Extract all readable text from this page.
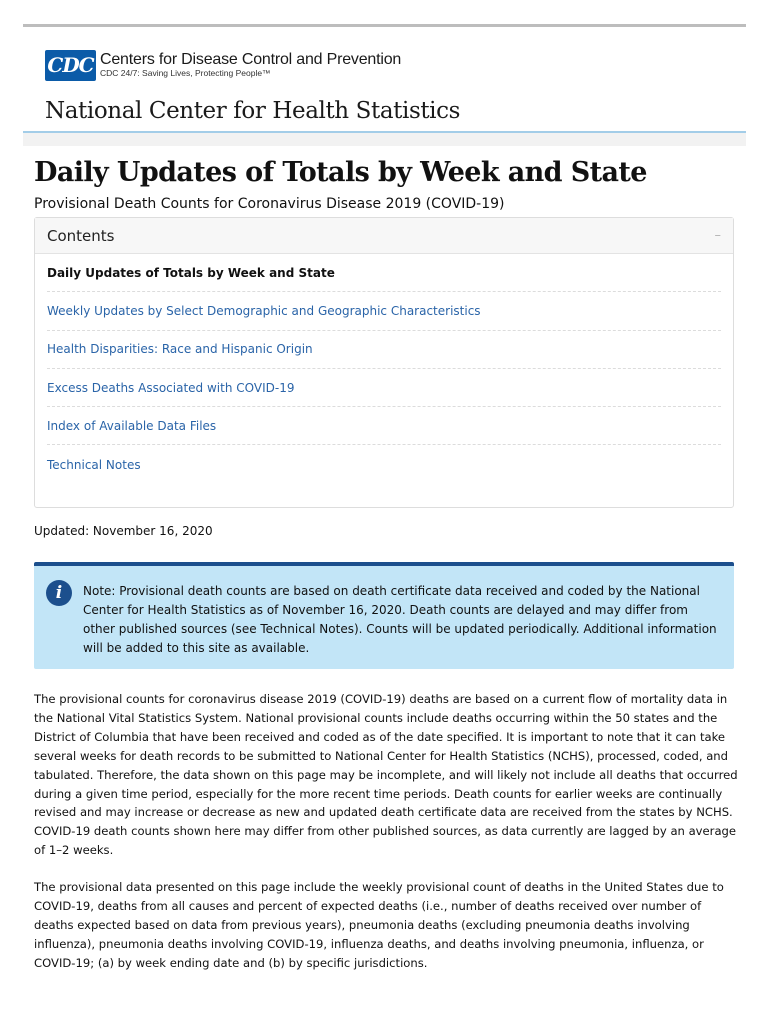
CDC Centers for Disease Control and Prevention
CDC 24/7: Saving Lives, Protecting People™
National Center for Health Statistics
Daily Updates of Totals by Week and State
Provisional Death Counts for Coronavirus Disease 2019 (COVID-19)
Contents	–
Daily Updates of Totals by Week and State
Weekly Updates by Select Demographic and Geographic Characteristics
Health Disparities: Race and Hispanic Origin
Excess Deaths Associated with COVID-19
Index of Available Data Files
Technical Notes
Updated: November 16, 2020
i	Note: Provisional death counts are based on death certificate data received and coded by the National Center for Health Statistics as of November 16, 2020. Death counts are delayed and may differ from other published sources (see Technical Notes). Counts will be updated periodically. Additional information will be added to this site as available.

The provisional counts for coronavirus disease 2019 (COVID-19) deaths are based on a current flow of mortality data in the National Vital Statistics System. National provisional counts include deaths occurring within the 50 states and the District of Columbia that have been received and coded as of the date specified. It is important to note that it can take several weeks for death records to be submitted to National Center for Health Statistics (NCHS), processed, coded, and tabulated. Therefore, the data shown on this page may be incomplete, and will likely not include all deaths that occurred during a given time period, especially for the more recent time periods. Death counts for earlier weeks are continually revised and may increase or decrease as new and updated death certificate data are received from the states by NCHS. COVID-19 death counts shown here may differ from other published sources, as data currently are lagged by an average of 1–2 weeks.

The provisional data presented on this page include the weekly provisional count of deaths in the United States due to COVID-19, deaths from all causes and percent of expected deaths (i.e., number of deaths received over number of deaths expected based on data from previous years), pneumonia deaths (excluding pneumonia deaths involving influenza), pneumonia deaths involving COVID-19, influenza deaths, and deaths involving pneumonia, influenza, or COVID-19; (a) by week ending date and (b) by specific jurisdictions.
